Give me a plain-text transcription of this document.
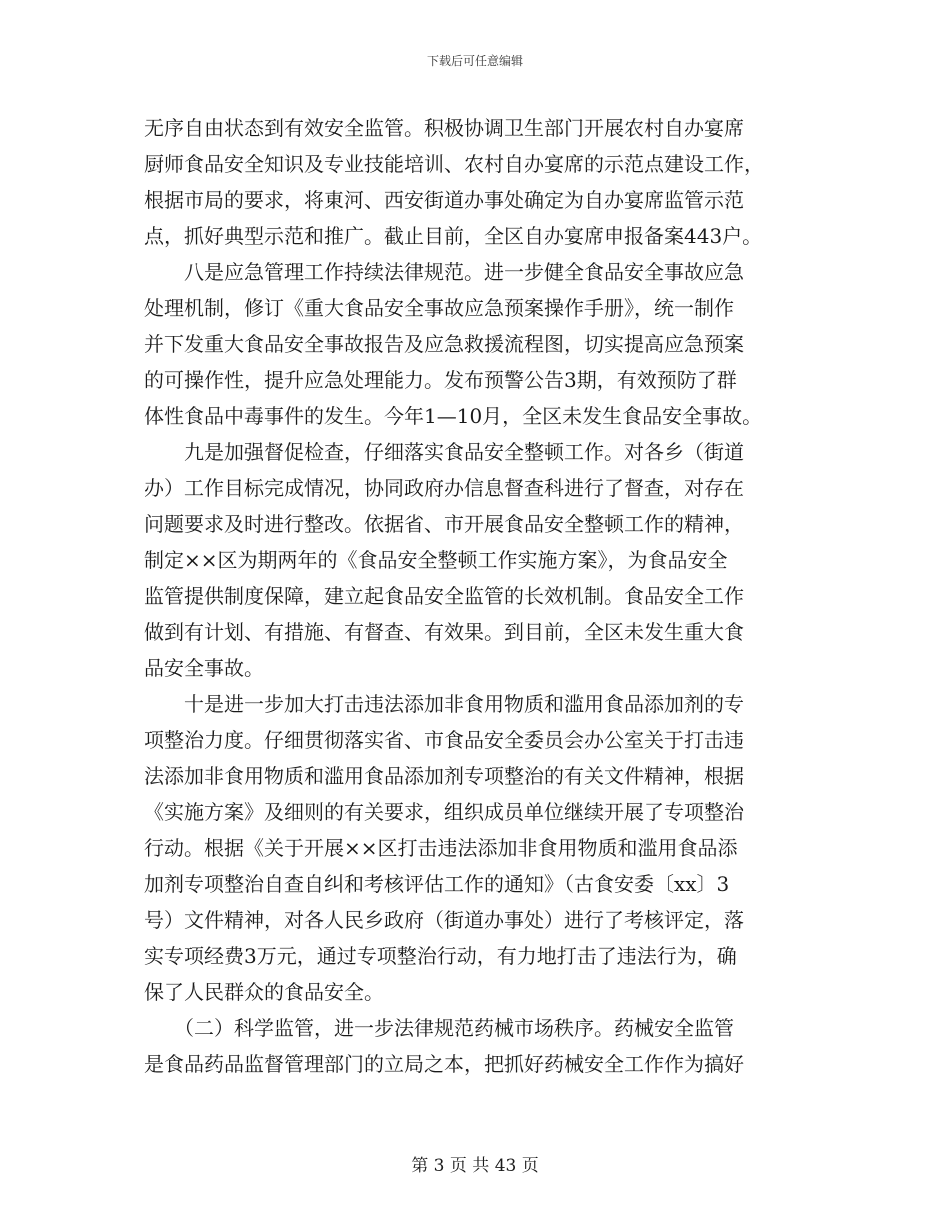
下载后可任意编辑
无序自由状态到有效安全监管。积极协调卫生部门开展农村自办宴席
厨师食品安全知识及专业技能培训、农村自办宴席的示范点建设工作，
根据市局的要求，将東河、西安街道办事处确定为自办宴席监管示范
点，抓好典型示范和推广。截止目前，全区自办宴席申报备案443户。
　　八是应急管理工作持续法律规范。进一步健全食品安全事故应急
处理机制，修订《重大食品安全事故应急预案操作手册》，统一制作
并下发重大食品安全事故报告及应急救援流程图，切实提高应急预案
的可操作性，提升应急处理能力。发布预警公告3期，有效预防了群
体性食品中毒事件的发生。今年1—10月，全区未发生食品安全事故。
　　九是加强督促检查，仔细落实食品安全整顿工作。对各乡（街道
办）工作目标完成情况，协同政府办信息督查科进行了督查，对存在
问题要求及时进行整改。依据省、市开展食品安全整顿工作的精神，
制定××区为期两年的《食品安全整顿工作实施方案》，为食品安全
监管提供制度保障，建立起食品安全监管的长效机制。食品安全工作
做到有计划、有措施、有督查、有效果。到目前，全区未发生重大食
品安全事故。
　　十是进一步加大打击违法添加非食用物质和滥用食品添加剂的专
项整治力度。仔细贯彻落实省、市食品安全委员会办公室关于打击违
法添加非食用物质和滥用食品添加剂专项整治的有关文件精神，根据
《实施方案》及细则的有关要求，组织成员单位继续开展了专项整治
行动。根据《关于开展××区打击违法添加非食用物质和滥用食品添
加剂专项整治自查自纠和考核评估工作的通知》（古食安委〔xx〕3
号）文件精神，对各人民乡政府（街道办事处）进行了考核评定，落
实专项经费3万元，通过专项整治行动，有力地打击了违法行为，确
保了人民群众的食品安全。
　　（二）科学监管，进一步法律规范药械市场秩序。药械安全监管
是食品药品监督管理部门的立局之本，把抓好药械安全工作作为搞好
第 3 页 共 43 页
